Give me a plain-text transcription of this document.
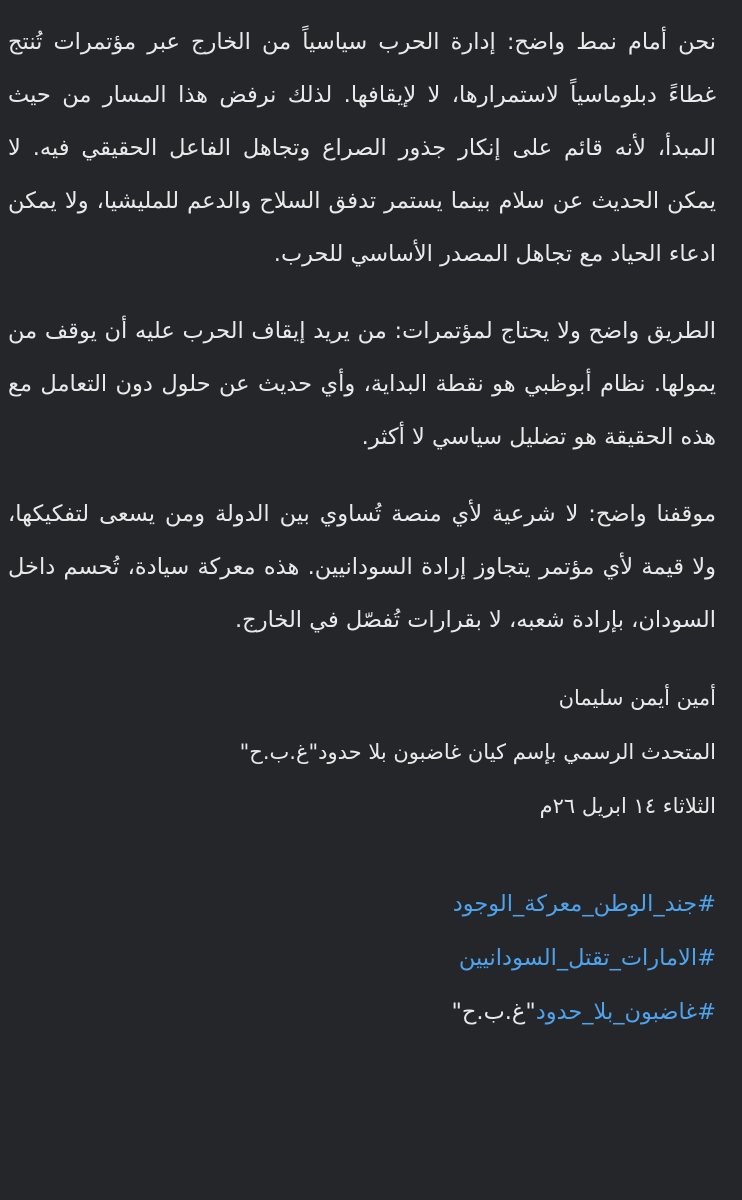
نحن أمام نمط واضح: إدارة الحرب سياسياً من الخارج عبر مؤتمرات تُنتج غطاءً دبلوماسياً لاستمرارها، لا لإيقافها. لذلك نرفض هذا المسار من حيث المبدأ، لأنه قائم على إنكار جذور الصراع وتجاهل الفاعل الحقيقي فيه. لا يمكن الحديث عن سلام بينما يستمر تدفق السلاح والدعم للمليشيا، ولا يمكن ادعاء الحياد مع تجاهل المصدر الأساسي للحرب.

الطريق واضح ولا يحتاج لمؤتمرات: من يريد إيقاف الحرب عليه أن يوقف من يمولها. نظام أبوظبي هو نقطة البداية، وأي حديث عن حلول دون التعامل مع هذه الحقيقة هو تضليل سياسي لا أكثر.

موقفنا واضح: لا شرعية لأي منصة تُساوي بين الدولة ومن يسعى لتفكيكها، ولا قيمة لأي مؤتمر يتجاوز إرادة السودانيين. هذه معركة سيادة، تُحسم داخل السودان، بإرادة شعبه، لا بقرارات تُفصّل في الخارج.

أمين أيمن سليمان
المتحدث الرسمي بإسم كيان غاضبون بلا حدود"غ.ب.ح"
الثلاثاء ١٤ ابريل ٢٦م
#جند_الوطن_معركة_الوجود
#الامارات_تقتل_السودانيين
#غاضبون_بلا_حدود"غ.ب.ح"
